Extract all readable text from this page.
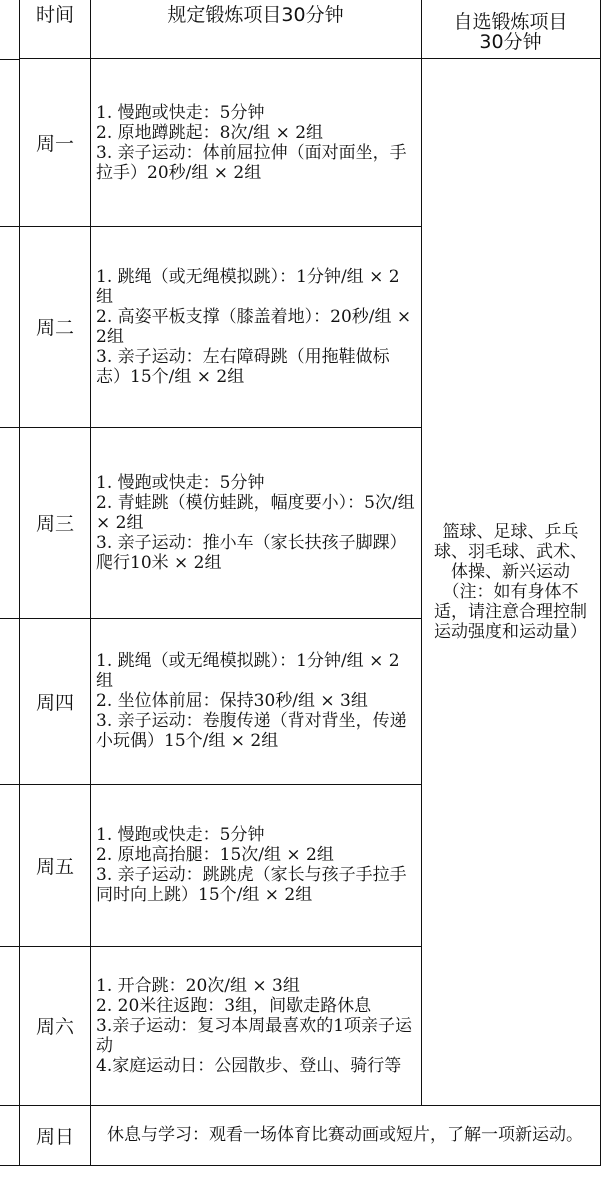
时间	规定锻炼项目30分钟	自选锻炼项目
30分钟
周一
1. 慢跑或快走：5分钟
2. 原地蹲跳起：8次/组 × 2组
3. 亲子运动：体前屈拉伸（面对面坐，手拉手）20秒/组 × 2组
周二
1. 跳绳（或无绳模拟跳）：1分钟/组 × 2组
2. 高姿平板支撑（膝盖着地）：20秒/组 × 2组
3. 亲子运动：左右障碍跳（用拖鞋做标志）15个/组 × 2组
周三
1. 慢跑或快走：5分钟
2. 青蛙跳（模仿蛙跳，幅度要小）：5次/组 × 2组
3. 亲子运动：推小车（家长扶孩子脚踝）爬行10米 × 2组
周四
1. 跳绳（或无绳模拟跳）：1分钟/组 × 2组
2. 坐位体前屈：保持30秒/组 × 3组
3. 亲子运动：卷腹传递（背对背坐，传递小玩偶）15个/组 × 2组
周五
1. 慢跑或快走：5分钟
2. 原地高抬腿：15次/组 × 2组
3. 亲子运动：跳跳虎（家长与孩子手拉手同时向上跳）15个/组 × 2组
周六
1. 开合跳：20次/组 × 3组
2. 20米往返跑：3组，间歇走路休息
3.亲子运动：复习本周最喜欢的1项亲子运动
4.家庭运动日：公园散步、登山、骑行等
篮球、足球、乒乓球、羽毛球、武术、体操、新兴运动（注：如有身体不适，请注意合理控制运动强度和运动量）
周日 休息与学习：观看一场体育比赛动画或短片，了解一项新运动。
